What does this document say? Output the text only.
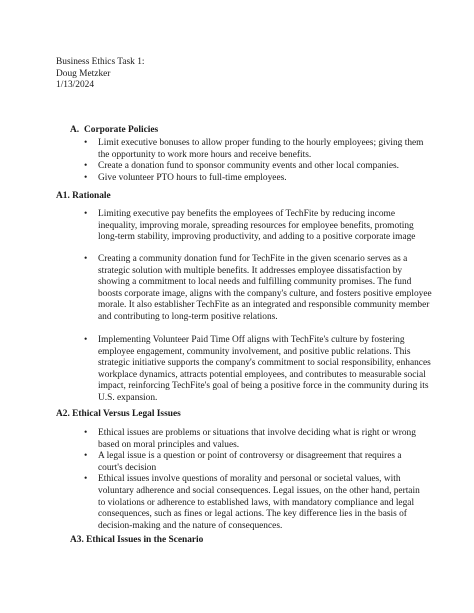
Business Ethics Task 1:
Doug Metzker
1/13/2024
A. Corporate Policies
• Limit executive bonuses to allow proper funding to the hourly employees; giving them the opportunity to work more hours and receive benefits.
• Create a donation fund to sponsor community events and other local companies.
• Give volunteer PTO hours to full-time employees.
A1. Rationale
• Limiting executive pay benefits the employees of TechFite by reducing income inequality, improving morale, spreading resources for employee benefits, promoting long-term stability, improving productivity, and adding to a positive corporate image
• Creating a community donation fund for TechFite in the given scenario serves as a strategic solution with multiple benefits. It addresses employee dissatisfaction by showing a commitment to local needs and fulfilling community promises. The fund boosts corporate image, aligns with the company's culture, and fosters positive employee morale. It also establisher TechFite as an integrated and responsible community member and contributing to long-term positive relations.
• Implementing Volunteer Paid Time Off aligns with TechFite's culture by fostering employee engagement, community involvement, and positive public relations. This strategic initiative supports the company's commitment to social responsibility, enhances workplace dynamics, attracts potential employees, and contributes to measurable social impact, reinforcing TechFite's goal of being a positive force in the community during its U.S. expansion.
A2. Ethical Versus Legal Issues
• Ethical issues are problems or situations that involve deciding what is right or wrong based on moral principles and values.
• A legal issue is a question or point of controversy or disagreement that requires a court's decision
• Ethical issues involve questions of morality and personal or societal values, with voluntary adherence and social consequences. Legal issues, on the other hand, pertain to violations or adherence to established laws, with mandatory compliance and legal consequences, such as fines or legal actions. The key difference lies in the basis of decision-making and the nature of consequences.
A3. Ethical Issues in the Scenario
